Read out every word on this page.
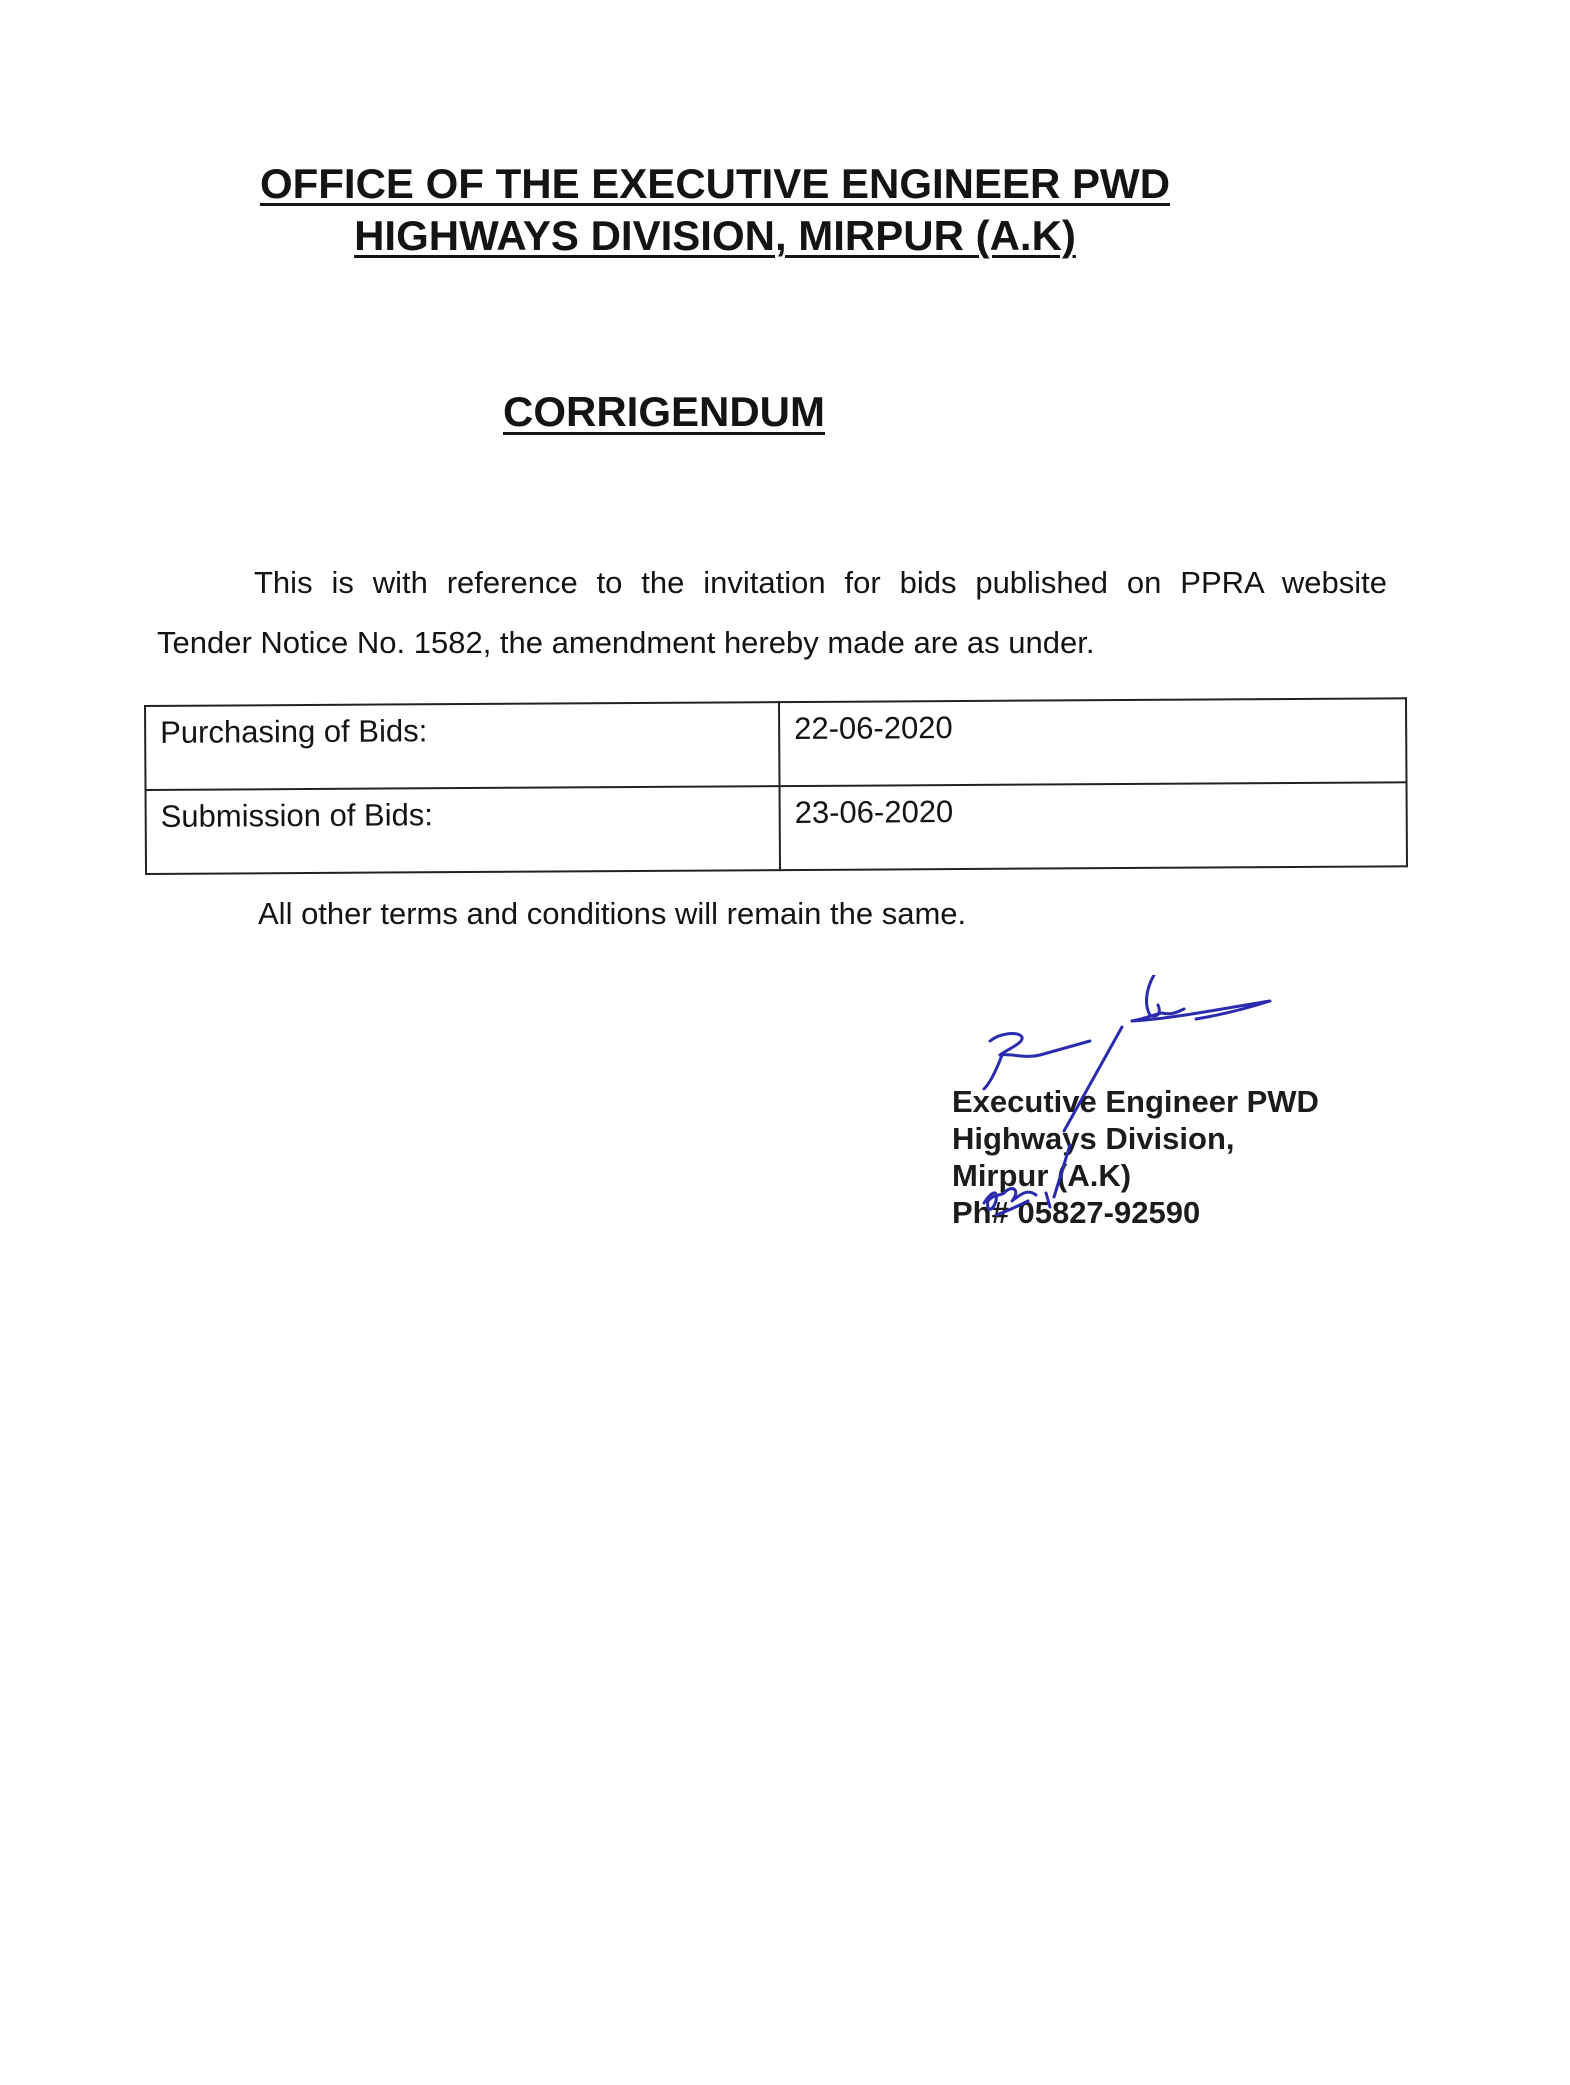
OFFICE OF THE EXECUTIVE ENGINEER PWD
HIGHWAYS DIVISION, MIRPUR (A.K)
CORRIGENDUM
This is with reference to the invitation for bids published on PPRA website
Tender Notice No. 1582, the amendment hereby made are as under.
Purchasing of Bids:	22-06-2020
Submission of Bids:	23-06-2020
All other terms and conditions will remain the same.
Executive Engineer PWD
Highways Division,
Mirpur (A.K)
Ph# 05827-92590
